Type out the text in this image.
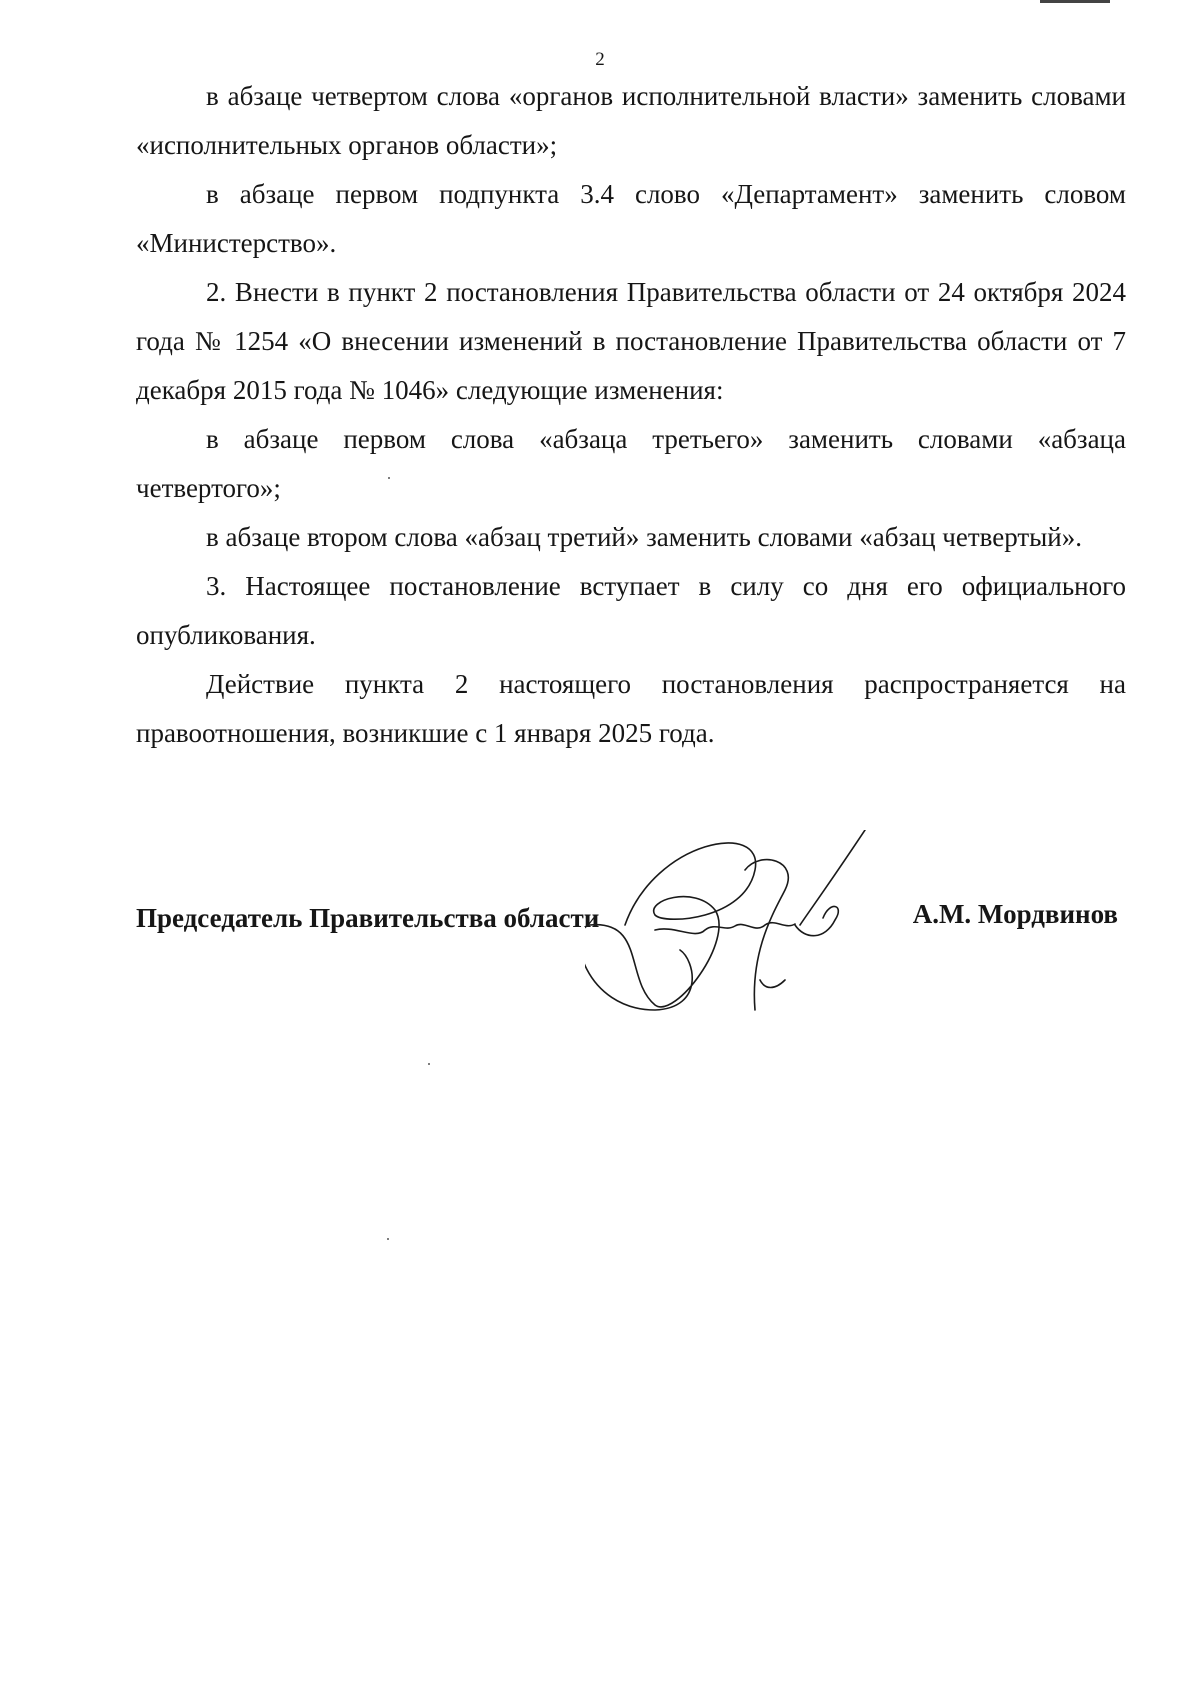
2

в абзаце четвертом слова «органов исполнительной власти» заменить словами «исполнительных органов области»;

в абзаце первом подпункта 3.4 слово «Департамент» заменить словом «Министерство».

2. Внести в пункт 2 постановления Правительства области от 24 октября 2024 года № 1254 «О внесении изменений в постановление Правительства области от 7 декабря 2015 года № 1046» следующие изменения:

в абзаце первом слова «абзаца третьего» заменить словами «абзаца четвертого»;

в абзаце втором слова «абзац третий» заменить словами «абзац четвертый».

3. Настоящее постановление вступает в силу со дня его официального опубликования.

Действие пункта 2 настоящего постановления распространяется на правоотношения, возникшие с 1 января 2025 года.

Председатель Правительства области	А.М. Мордвинов
